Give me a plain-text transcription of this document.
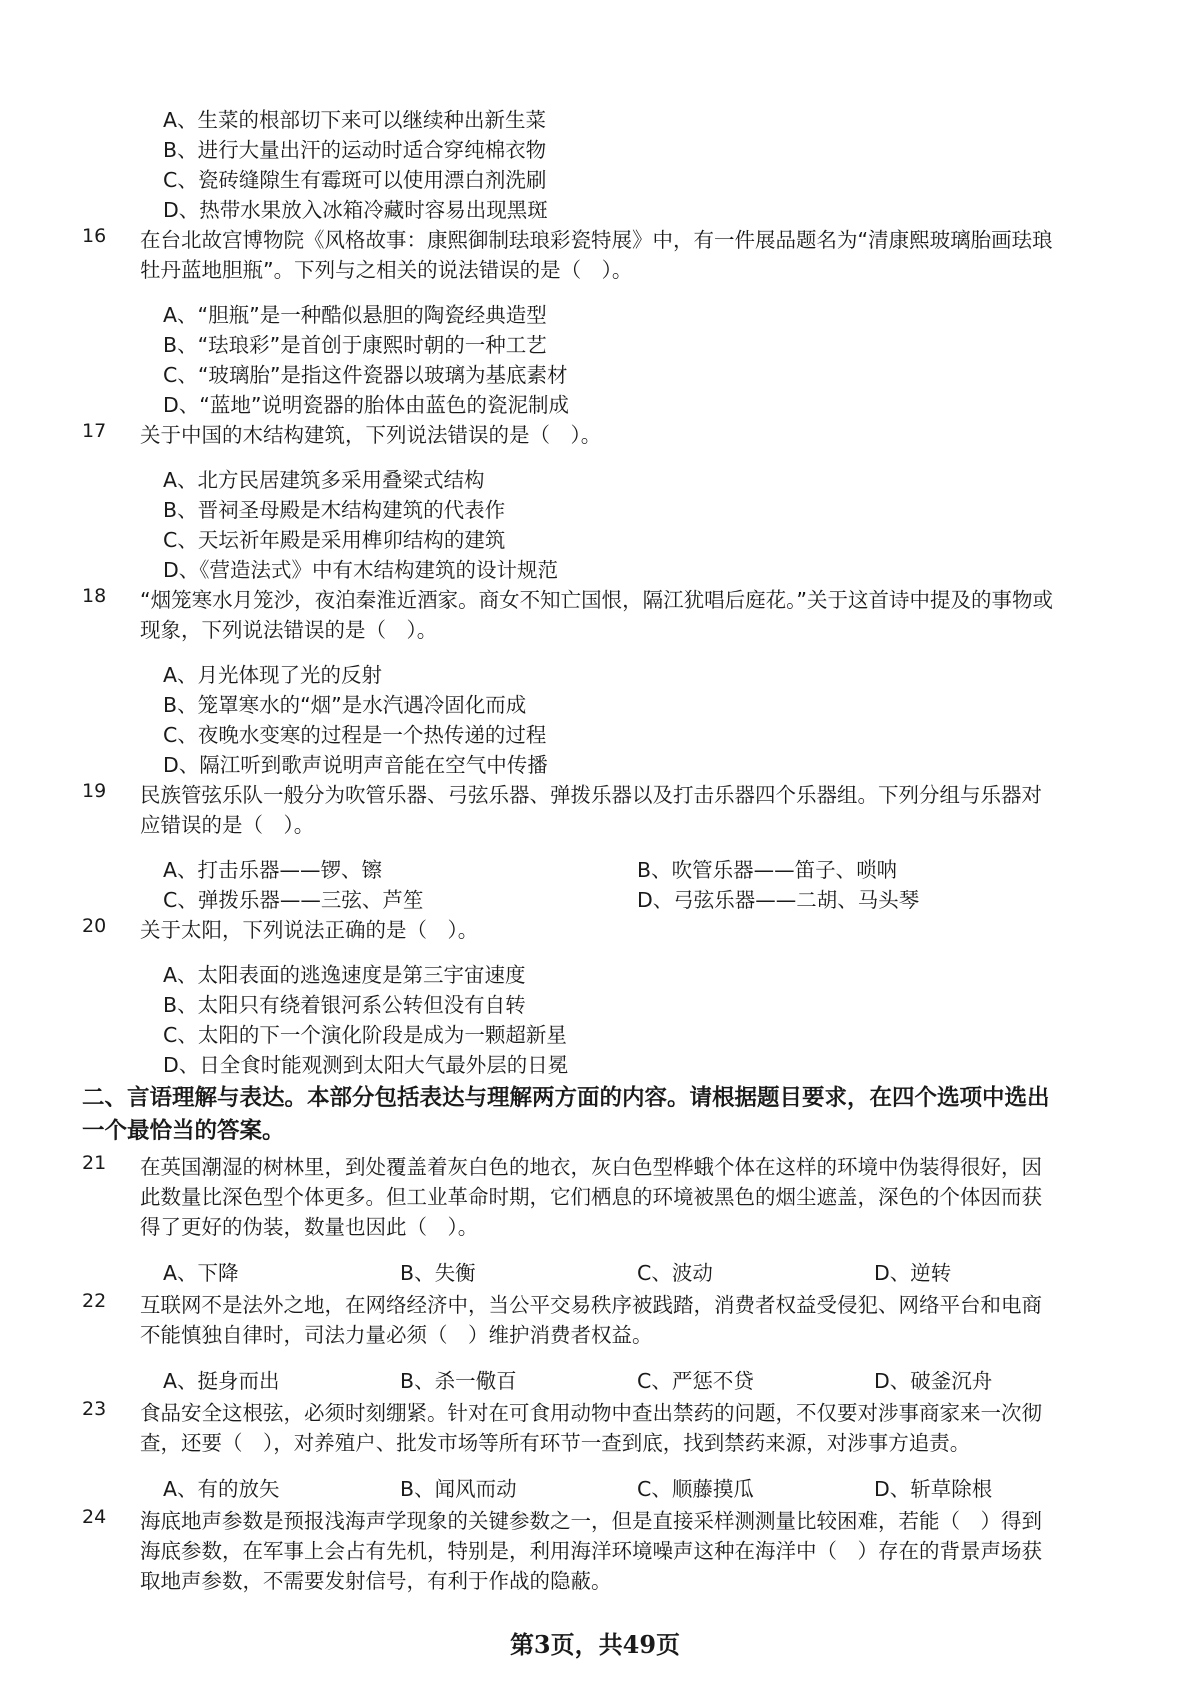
A、生菜的根部切下来可以继续种出新生菜
B、进行大量出汗的运动时适合穿纯棉衣物
C、瓷砖缝隙生有霉斑可以使用漂白剂洗刷
D、热带水果放入冰箱冷藏时容易出现黑斑
16 在台北故宫博物院《风格故事：康熙御制珐琅彩瓷特展》中，有一件展品题名为“清康熙玻璃胎画珐琅
牡丹蓝地胆瓶”。下列与之相关的说法错误的是（　）。
A、“胆瓶”是一种酷似悬胆的陶瓷经典造型
B、“珐琅彩”是首创于康熙时朝的一种工艺
C、“玻璃胎”是指这件瓷器以玻璃为基底素材
D、“蓝地”说明瓷器的胎体由蓝色的瓷泥制成
17 关于中国的木结构建筑，下列说法错误的是（　）。
A、北方民居建筑多采用叠梁式结构
B、晋祠圣母殿是木结构建筑的代表作
C、天坛祈年殿是采用榫卯结构的建筑
D、《营造法式》中有木结构建筑的设计规范
18 “烟笼寒水月笼沙，夜泊秦淮近酒家。商女不知亡国恨，隔江犹唱后庭花。”关于这首诗中提及的事物或
现象，下列说法错误的是（　）。
A、月光体现了光的反射
B、笼罩寒水的“烟”是水汽遇冷固化而成
C、夜晚水变寒的过程是一个热传递的过程
D、隔江听到歌声说明声音能在空气中传播
19 民族管弦乐队一般分为吹管乐器、弓弦乐器、弹拨乐器以及打击乐器四个乐器组。下列分组与乐器对
应错误的是（　）。
A、打击乐器——锣、镲	B、吹管乐器——笛子、唢呐
C、弹拨乐器——三弦、芦笙	D、弓弦乐器——二胡、马头琴
20 关于太阳，下列说法正确的是（　）。
A、太阳表面的逃逸速度是第三宇宙速度
B、太阳只有绕着银河系公转但没有自转
C、太阳的下一个演化阶段是成为一颗超新星
D、日全食时能观测到太阳大气最外层的日冕
二、言语理解与表达。本部分包括表达与理解两方面的内容。请根据题目要求，在四个选项中选出
一个最恰当的答案。
21 在英国潮湿的树林里，到处覆盖着灰白色的地衣，灰白色型桦蛾个体在这样的环境中伪装得很好，因
此数量比深色型个体更多。但工业革命时期，它们栖息的环境被黑色的烟尘遮盖，深色的个体因而获
得了更好的伪装，数量也因此（　）。
A、下降	B、失衡	C、波动	D、逆转
22 互联网不是法外之地，在网络经济中，当公平交易秩序被践踏，消费者权益受侵犯、网络平台和电商
不能慎独自律时，司法力量必须（　）维护消费者权益。
A、挺身而出	B、杀一儆百	C、严惩不贷	D、破釜沉舟
23 食品安全这根弦，必须时刻绷紧。针对在可食用动物中查出禁药的问题，不仅要对涉事商家来一次彻
查，还要（　），对养殖户、批发市场等所有环节一查到底，找到禁药来源，对涉事方追责。
A、有的放矢	B、闻风而动	C、顺藤摸瓜	D、斩草除根
24 海底地声参数是预报浅海声学现象的关键参数之一，但是直接采样测测量比较困难，若能（　）得到
海底参数，在军事上会占有先机，特别是，利用海洋环境噪声这种在海洋中（　）存在的背景声场获
取地声参数，不需要发射信号，有利于作战的隐蔽。
第3页，共49页
